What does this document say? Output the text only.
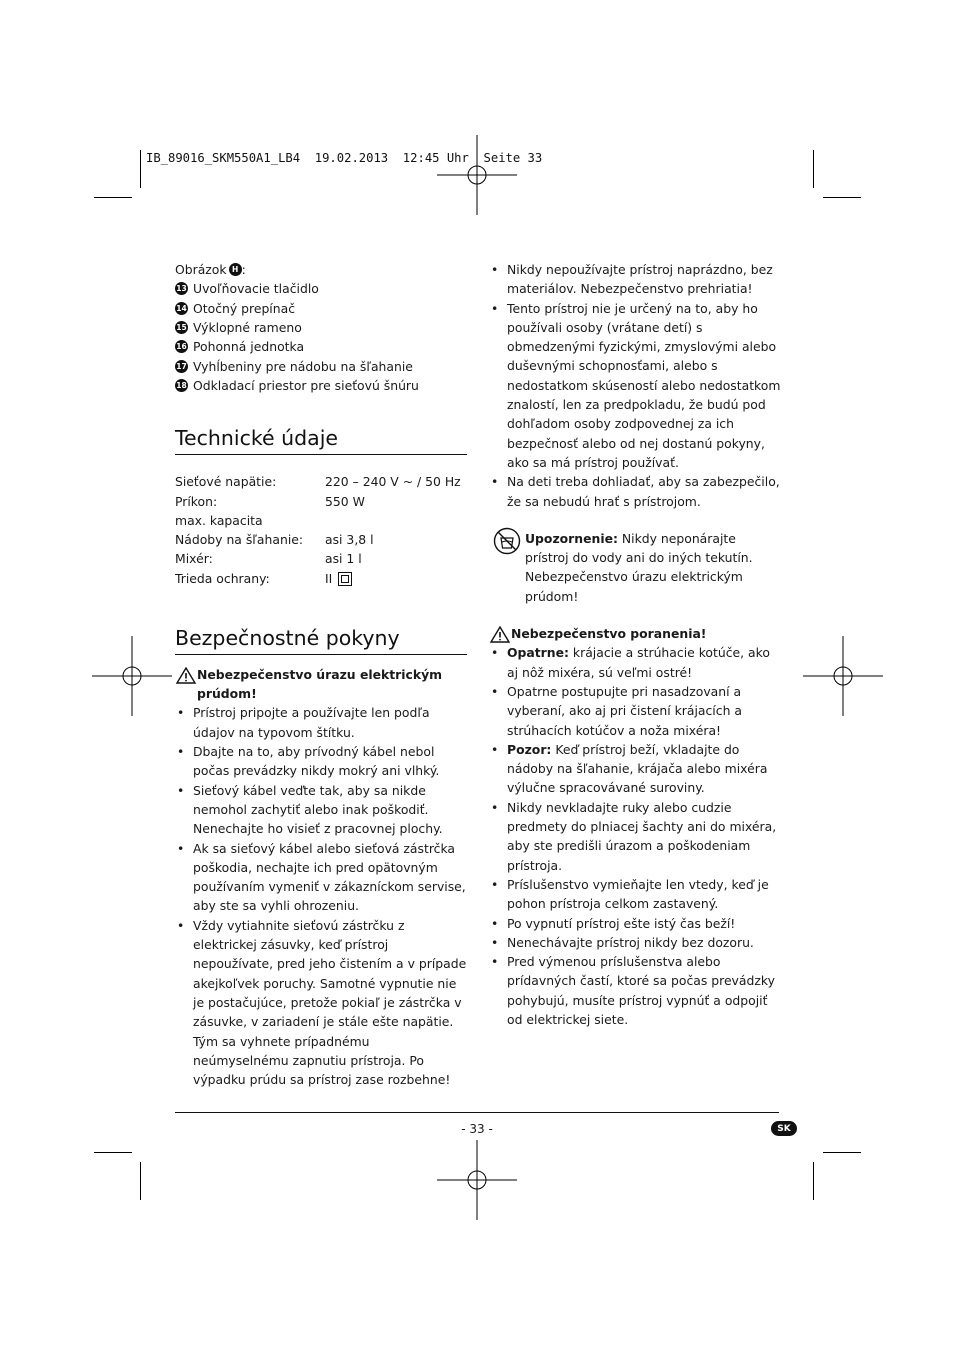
IB_89016_SKM550A1_LB4  19.02.2013  12:45 Uhr  Seite 33
Obrázok H :
13 Uvoľňovacie tlačidlo
14 Otočný prepínač
15 Výklopné rameno
16 Pohonná jednotka
17 Vyhĺbeniny pre nádobu na šľahanie
18 Odkladací priestor pre sieťovú šnúru
Technické údaje
Sieťové napätie:	220 – 240 V ~ / 50 Hz
Príkon:	550 W
max. kapacita	
Nádoby na šľahanie:	asi 3,8 l
Mixér:	asi 1 l
Trieda ochrany:	II
Bezpečnostné pokyny
Nebezpečenstvo úrazu elektrickým prúdom!
• Prístroj pripojte a používajte len podľa údajov na typovom štítku.
• Dbajte na to, aby prívodný kábel nebol počas prevádzky nikdy mokrý ani vlhký.
• Sieťový kábel veďte tak, aby sa nikde nemohol zachytiť alebo inak poškodiť. Nenechajte ho visieť z pracovnej plochy.
• Ak sa sieťový kábel alebo sieťová zástrčka poškodia, nechajte ich pred opätovným používaním vymeniť v zákazníckom servise, aby ste sa vyhli ohrozeniu.
• Vždy vytiahnite sieťovú zástrčku z elektrickej zásuvky, keď prístroj nepoužívate, pred jeho čistením a v prípade akejkoľvek poruchy. Samotné vypnutie nie je postačujúce, pretože pokiaľ je zástrčka v zásuvke, v zariadení je stále ešte napätie. Tým sa vyhnete prípadnému neúmyselnému zapnutiu prístroja. Po výpadku prúdu sa prístroj zase rozbehne!
• Nikdy nepoužívajte prístroj naprázdno, bez materiálov. Nebezpečenstvo prehriatia!
• Tento prístroj nie je určený na to, aby ho používali osoby (vrátane detí) s obmedzenými fyzickými, zmyslovými alebo duševnými schopnosťami, alebo s nedostatkom skúseností alebo nedostatkom znalostí, len za predpokladu, že budú pod dohľadom osoby zodpovednej za ich bezpečnosť alebo od nej dostanú pokyny, ako sa má prístroj používať.
• Na deti treba dohliadať, aby sa zabezpečilo, že sa nebudú hrať s prístrojom.
Upozornenie: Nikdy neponárajte prístroj do vody ani do iných tekutín. Nebezpečenstvo úrazu elektrickým prúdom!
Nebezpečenstvo poranenia!
• Opatrne: krájacie a strúhacie kotúče, ako aj nôž mixéra, sú veľmi ostré!
• Opatrne postupujte pri nasadzovaní a vyberaní, ako aj pri čistení krájacích a strúhacích kotúčov a noža mixéra!
• Pozor: Keď prístroj beží, vkladajte do nádoby na šľahanie, krájača alebo mixéra výlučne spracovávané suroviny.
• Nikdy nevkladajte ruky alebo cudzie predmety do plniacej šachty ani do mixéra, aby ste predišli úrazom a poškodeniam prístroja.
• Príslušenstvo vymieňajte len vtedy, keď je pohon prístroja celkom zastavený.
• Po vypnutí prístroj ešte istý čas beží!
• Nenechávajte prístroj nikdy bez dozoru.
• Pred výmenou príslušenstva alebo prídavných častí, ktoré sa počas prevádzky pohybujú, musíte prístroj vypnúť a odpojiť od elektrickej siete.
- 33 -	SK
